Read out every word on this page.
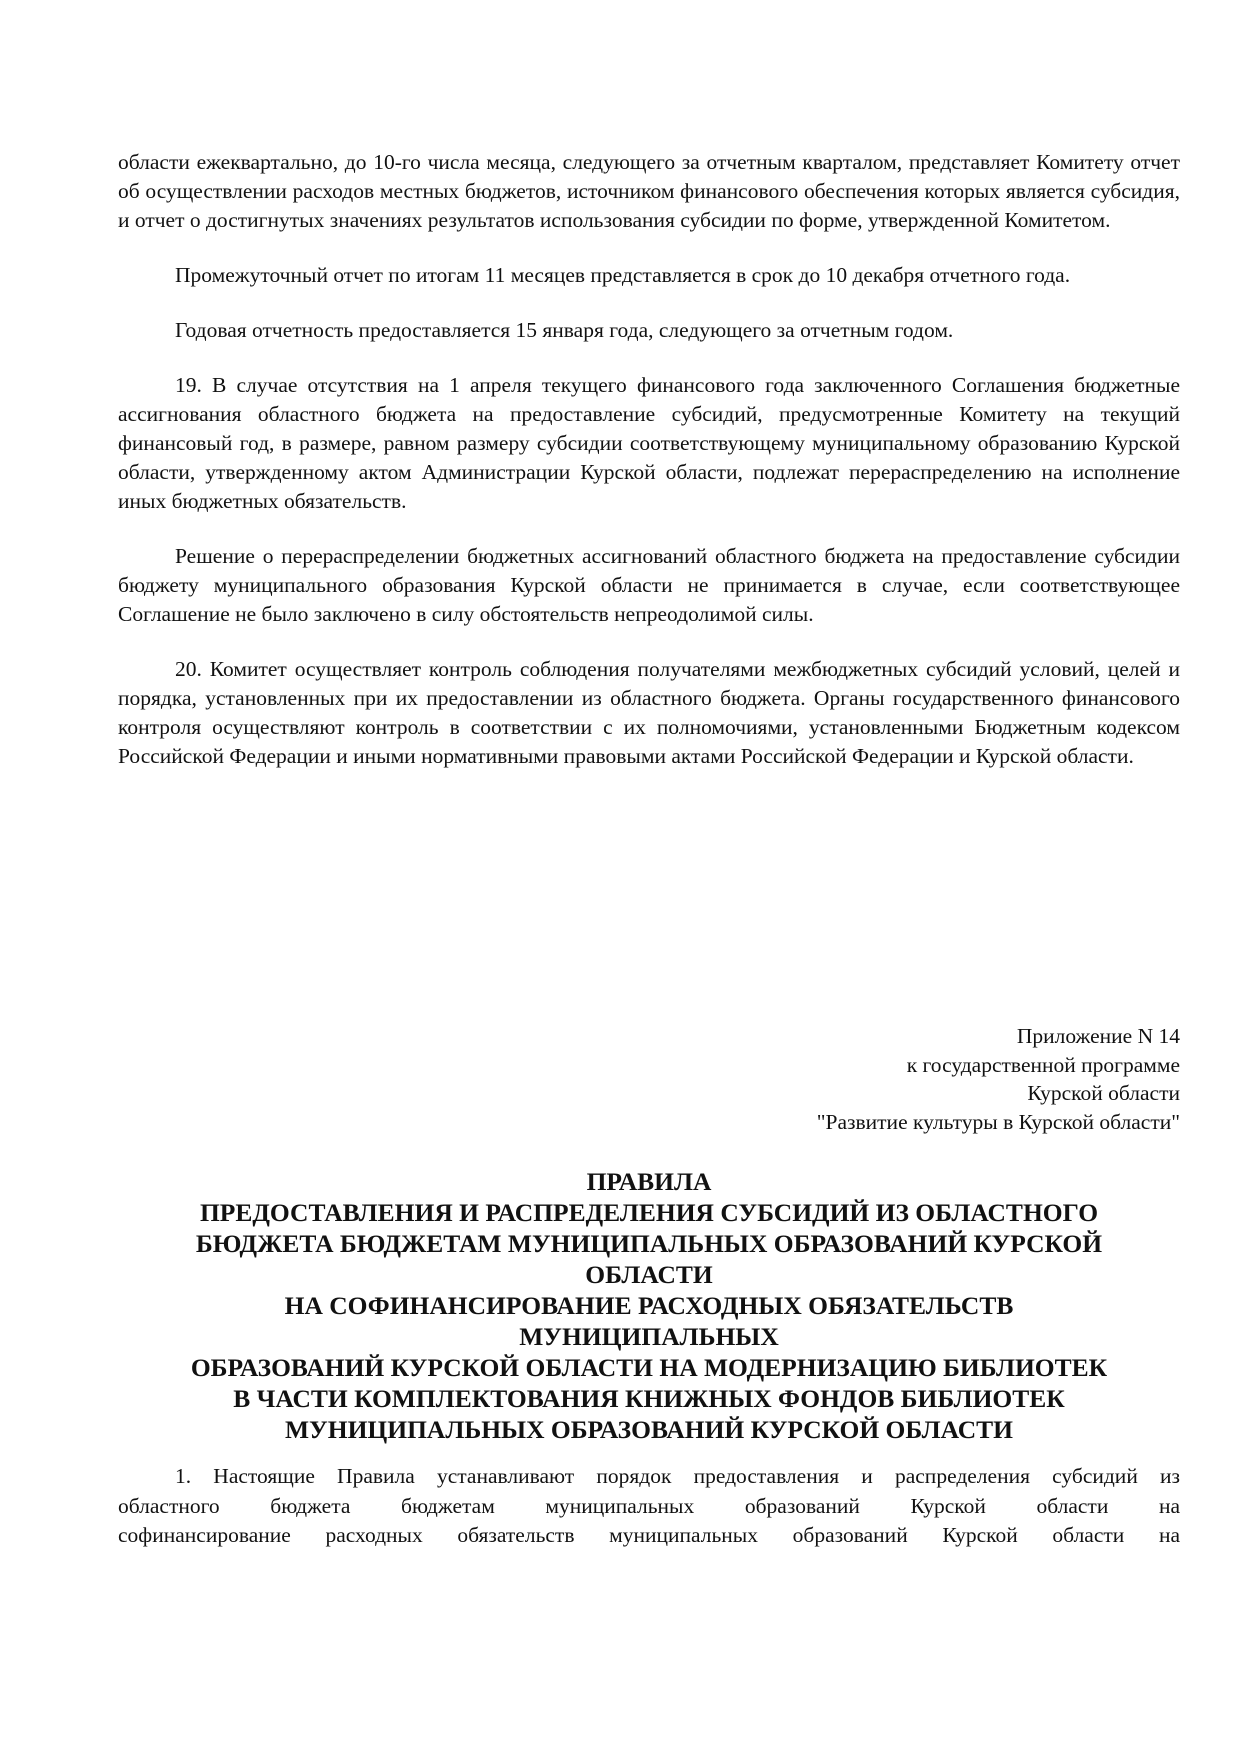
области ежеквартально, до 10-го числа месяца, следующего за отчетным кварталом, представляет Комитету отчет об осуществлении расходов местных бюджетов, источником финансового обеспечения которых является субсидия, и отчет о достигнутых значениях результатов использования субсидии по форме, утвержденной Комитетом.

Промежуточный отчет по итогам 11 месяцев представляется в срок до 10 декабря отчетного года.

Годовая отчетность предоставляется 15 января года, следующего за отчетным годом.

19. В случае отсутствия на 1 апреля текущего финансового года заключенного Соглашения бюджетные ассигнования областного бюджета на предоставление субсидий, предусмотренные Комитету на текущий финансовый год, в размере, равном размеру субсидии соответствующему муниципальному образованию Курской области, утвержденному актом Администрации Курской области, подлежат перераспределению на исполнение иных бюджетных обязательств.

Решение о перераспределении бюджетных ассигнований областного бюджета на предоставление субсидии бюджету муниципального образования Курской области не принимается в случае, если соответствующее Соглашение не было заключено в силу обстоятельств непреодолимой силы.

20. Комитет осуществляет контроль соблюдения получателями межбюджетных субсидий условий, целей и порядка, установленных при их предоставлении из областного бюджета. Органы государственного финансового контроля осуществляют контроль в соответствии с их полномочиями, установленными Бюджетным кодексом Российской Федерации и иными нормативными правовыми актами Российской Федерации и Курской области.

Приложение N 14
к государственной программе
Курской области
"Развитие культуры в Курской области"
ПРАВИЛА
ПРЕДОСТАВЛЕНИЯ И РАСПРЕДЕЛЕНИЯ СУБСИДИЙ ИЗ ОБЛАСТНОГО
БЮДЖЕТА БЮДЖЕТАМ МУНИЦИПАЛЬНЫХ ОБРАЗОВАНИЙ КУРСКОЙ
ОБЛАСТИ
НА СОФИНАНСИРОВАНИЕ РАСХОДНЫХ ОБЯЗАТЕЛЬСТВ
МУНИЦИПАЛЬНЫХ
ОБРАЗОВАНИЙ КУРСКОЙ ОБЛАСТИ НА МОДЕРНИЗАЦИЮ БИБЛИОТЕК
В ЧАСТИ КОМПЛЕКТОВАНИЯ КНИЖНЫХ ФОНДОВ БИБЛИОТЕК
МУНИЦИПАЛЬНЫХ ОБРАЗОВАНИЙ КУРСКОЙ ОБЛАСТИ
1. Настоящие Правила устанавливают порядок предоставления и распределения субсидий из
областного бюджета бюджетам муниципальных образований Курской области на
софинансирование расходных обязательств муниципальных образований Курской области на
